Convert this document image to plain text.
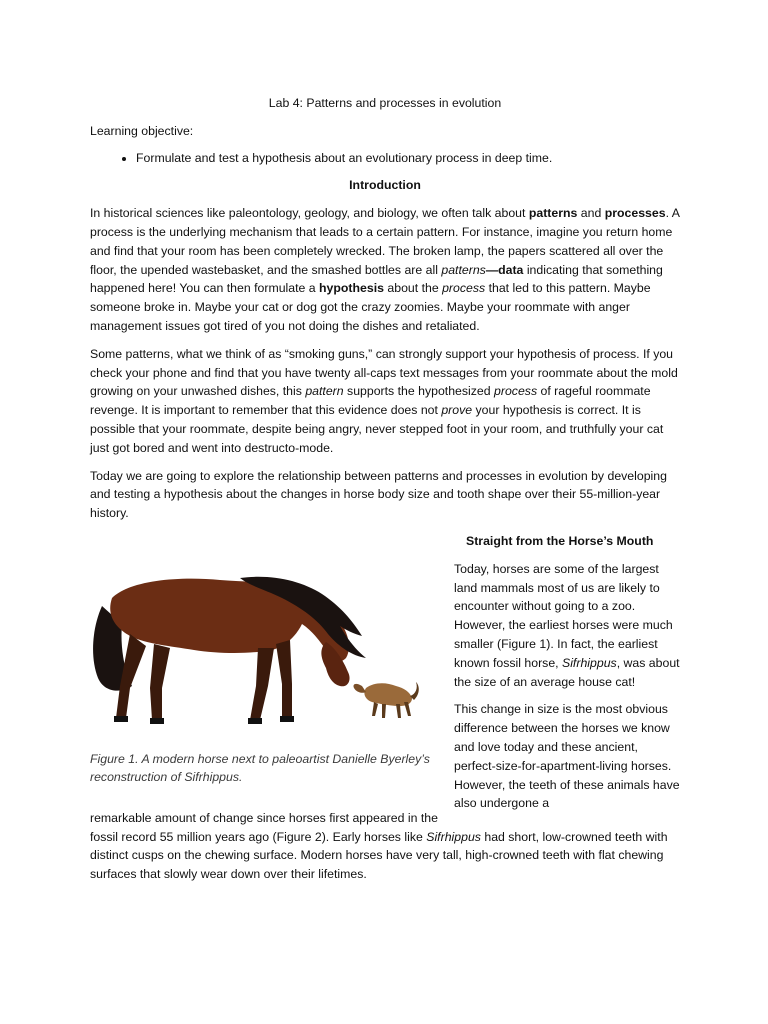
Lab 4: Patterns and processes in evolution
Learning objective:
• Formulate and test a hypothesis about an evolutionary process in deep time.
Introduction

In historical sciences like paleontology, geology, and biology, we often talk about patterns and processes. A process is the underlying mechanism that leads to a certain pattern. For instance, imagine you return home and find that your room has been completely wrecked. The broken lamp, the papers scattered all over the floor, the upended wastebasket, and the smashed bottles are all patterns—data indicating that something happened here! You can then formulate a hypothesis about the process that led to this pattern. Maybe someone broke in. Maybe your cat or dog got the crazy zoomies. Maybe your roommate with anger management issues got tired of you not doing the dishes and retaliated.

Some patterns, what we think of as “smoking guns,” can strongly support your hypothesis of process. If you check your phone and find that you have twenty all-caps text messages from your roommate about the mold growing on your unwashed dishes, this pattern supports the hypothesized process of rageful roommate revenge. It is important to remember that this evidence does not prove your hypothesis is correct. It is possible that your roommate, despite being angry, never stepped foot in your room, and truthfully your cat just got bored and went into destructo-mode.

Today we are going to explore the relationship between patterns and processes in evolution by developing and testing a hypothesis about the changes in horse body size and tooth shape over their 55-million-year history.

Straight from the Horse’s Mouth

Today, horses are some of the largest land mammals most of us are likely to encounter without going to a zoo. However, the earliest horses were much smaller (Figure 1). In fact, the earliest known fossil horse, Sifrhippus, was about the size of an average house cat!

This change in size is the most obvious difference between the horses we know and love today and these ancient, perfect-size-for-apartment-living horses. However, the teeth of these animals have also undergone a

Figure 1. A modern horse next to paleoartist Danielle Byerley’s reconstruction of Sifrhippus.

remarkable amount of change since horses first appeared in the fossil record 55 million years ago (Figure 2). Early horses like Sifrhippus had short, low-crowned teeth with distinct cusps on the chewing surface. Modern horses have very tall, high-crowned teeth with flat chewing surfaces that slowly wear down over their lifetimes.
